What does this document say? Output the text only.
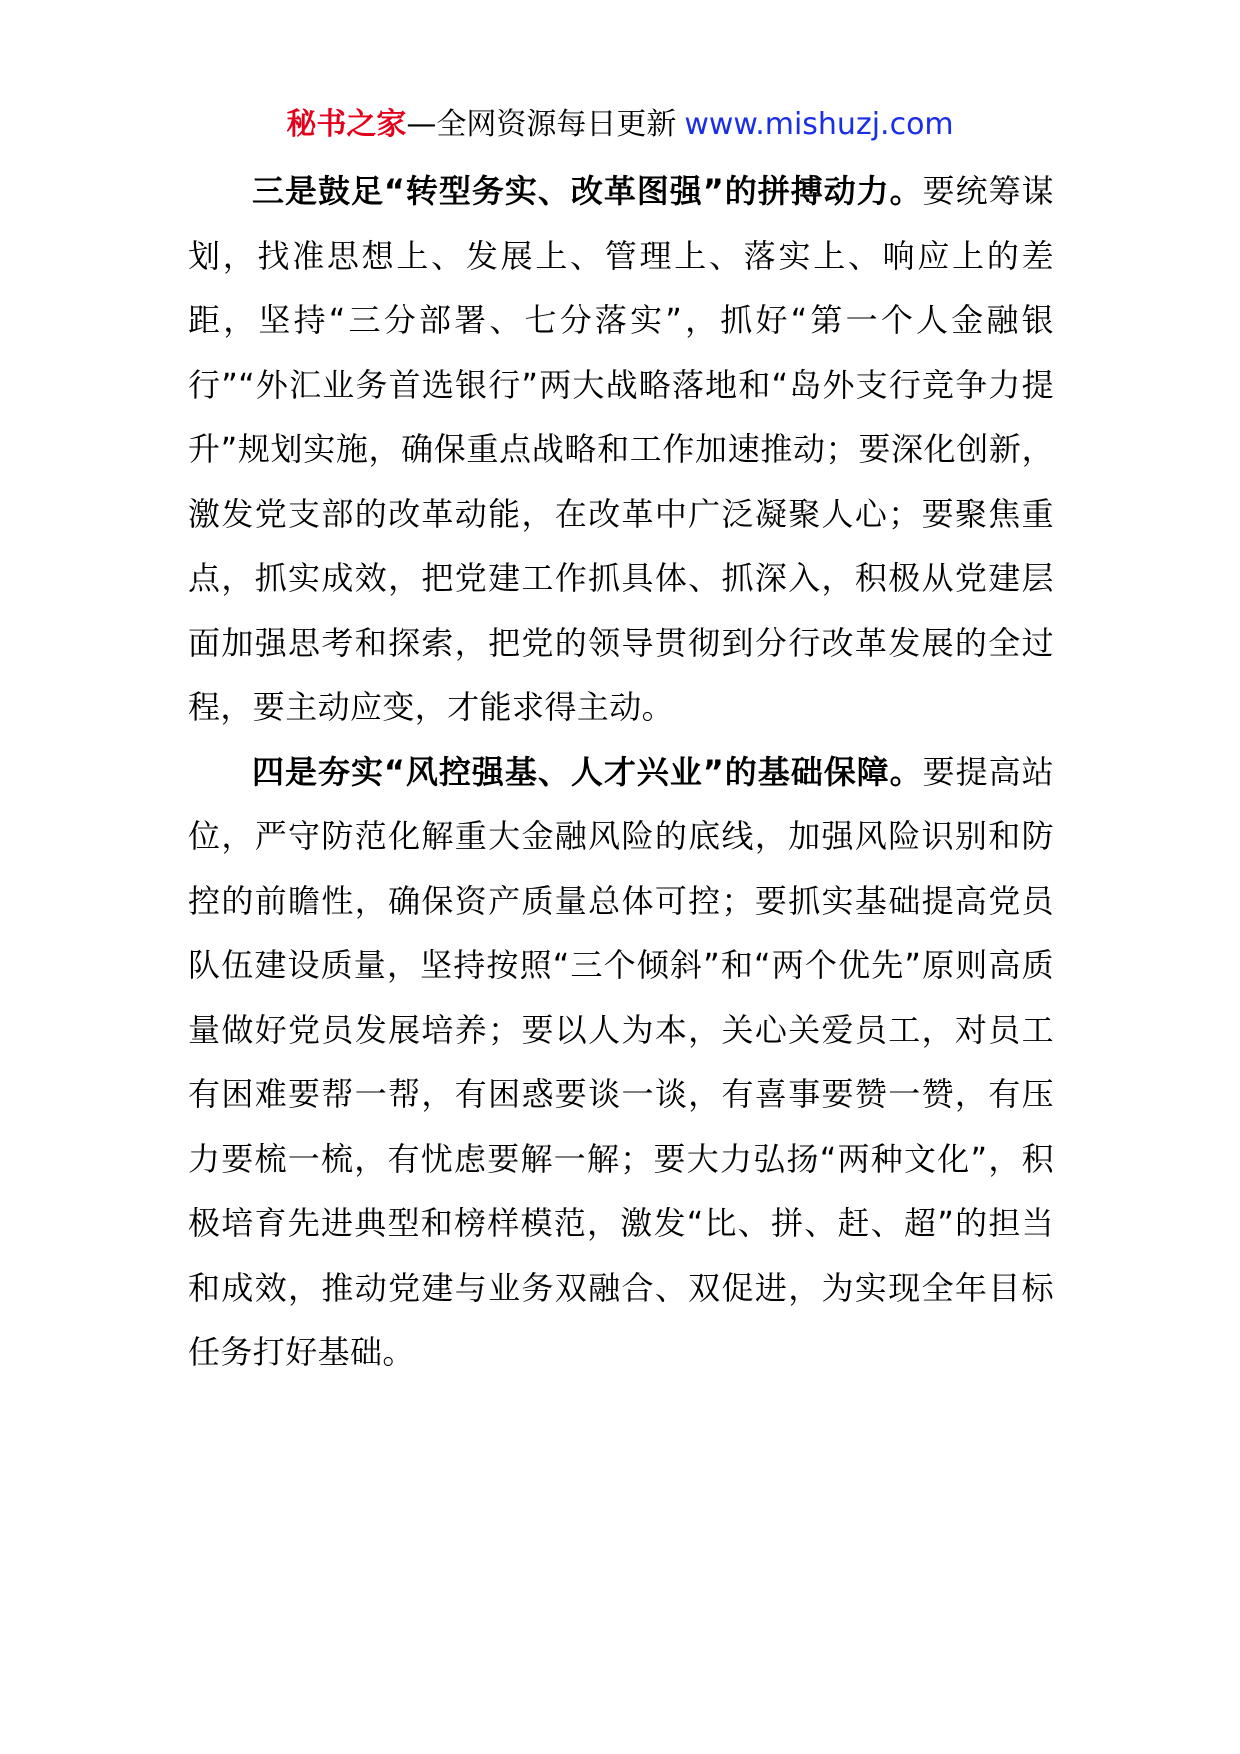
秘书之家—全网资源每日更新 www.mishuzj.com

三是鼓足“转型务实、改革图强”的拼搏动力。要统筹谋划，找准思想上、发展上、管理上、落实上、响应上的差距，坚持“三分部署、七分落实”，抓好“第一个人金融银行”“外汇业务首选银行”两大战略落地和“岛外支行竞争力提升”规划实施，确保重点战略和工作加速推动；要深化创新，激发党支部的改革动能，在改革中广泛凝聚人心；要聚焦重点，抓实成效，把党建工作抓具体、抓深入，积极从党建层面加强思考和探索，把党的领导贯彻到分行改革发展的全过程，要主动应变，才能求得主动。

四是夯实“风控强基、人才兴业”的基础保障。要提高站位，严守防范化解重大金融风险的底线，加强风险识别和防控的前瞻性，确保资产质量总体可控；要抓实基础提高党员队伍建设质量，坚持按照“三个倾斜”和“两个优先”原则高质量做好党员发展培养；要以人为本，关心关爱员工，对员工有困难要帮一帮，有困惑要谈一谈，有喜事要赞一赞，有压力要梳一梳，有忧虑要解一解；要大力弘扬“两种文化”，积极培育先进典型和榜样模范，激发“比、拼、赶、超”的担当和成效，推动党建与业务双融合、双促进，为实现全年目标任务打好基础。
